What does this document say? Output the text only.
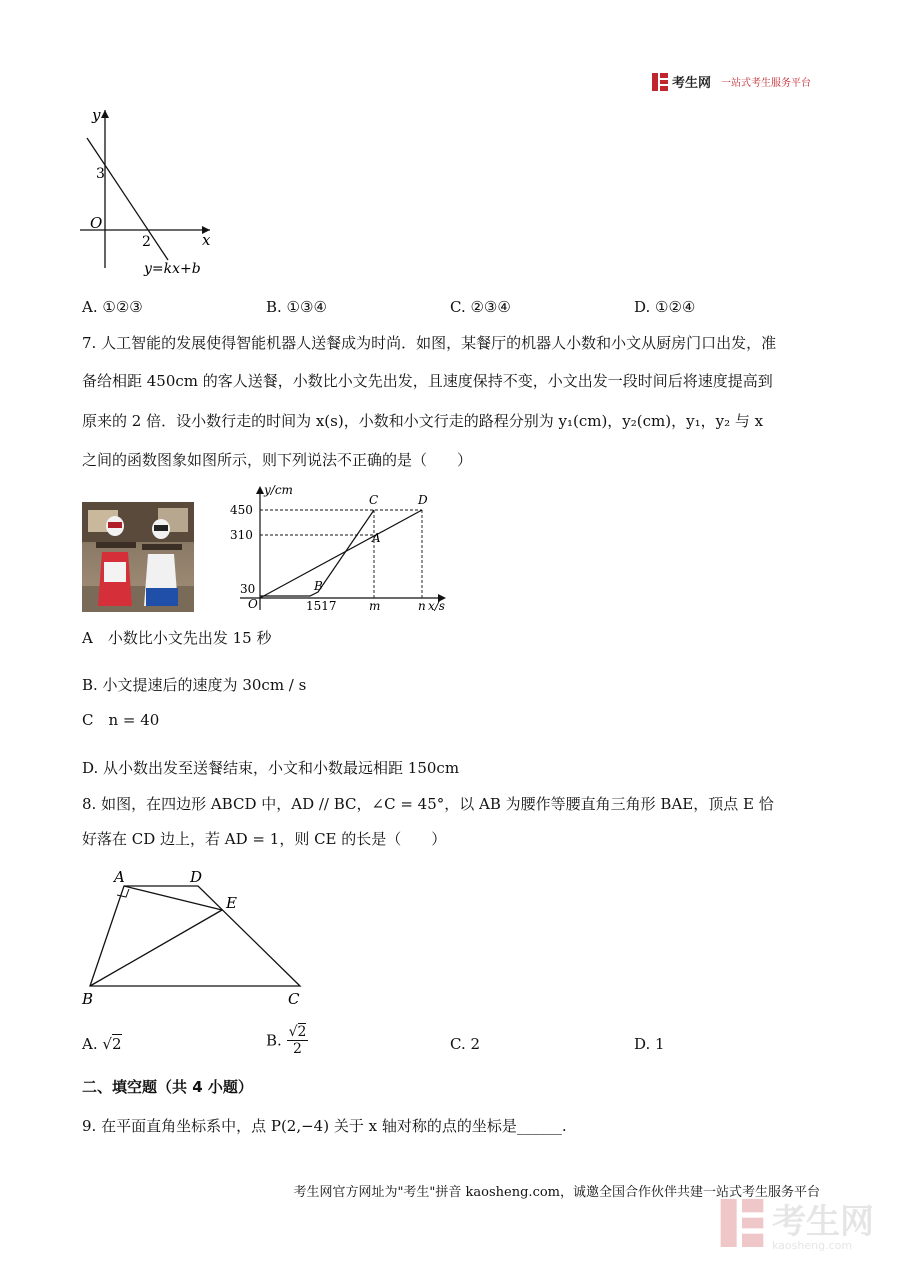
考生网 一站式考生服务平台
y
x
O
3
2
y=kx+b
A. ①②③	B. ①③④	C. ②③④	D. ①②④
7. 人工智能的发展使得智能机器人送餐成为时尚．如图，某餐厅的机器人小数和小文从厨房门口出发，准
备给相距 450cm 的客人送餐，小数比小文先出发，且速度保持不变，小文出发一段时间后将速度提高到
原来的 2 倍．设小数行走的时间为 x(s)，小数和小文行走的路程分别为 y₁(cm)，y₂(cm)，y₁，y₂ 与 x
之间的函数图象如图所示，则下列说法不正确的是（　　）
y/cm
x/s
O
450
310
30
1517	m	n
A
B
C	D
A　小数比小文先出发 15 秒
B. 小文提速后的速度为 30cm / s
C　n = 40
D. 从小数出发至送餐结束，小文和小数最远相距 150cm
8. 如图，在四边形 ABCD 中，AD // BC，∠C = 45°，以 AB 为腰作等腰直角三角形 BAE，顶点 E 恰
好落在 CD 边上，若 AD = 1，则 CE 的长是（　　）
A	D
E
B	C
A. √2	B. $\frac{√2}{2}$	C. 2	D. 1
二、填空题（共 4 小题）
9. 在平面直角坐标系中，点 P(2,−4) 关于 x 轴对称的点的坐标是______.
考生网官方网址为"考生"拼音 kaosheng.com，诚邀全国合作伙伴共建一站式考生服务平台
考生网
kaosheng.com
